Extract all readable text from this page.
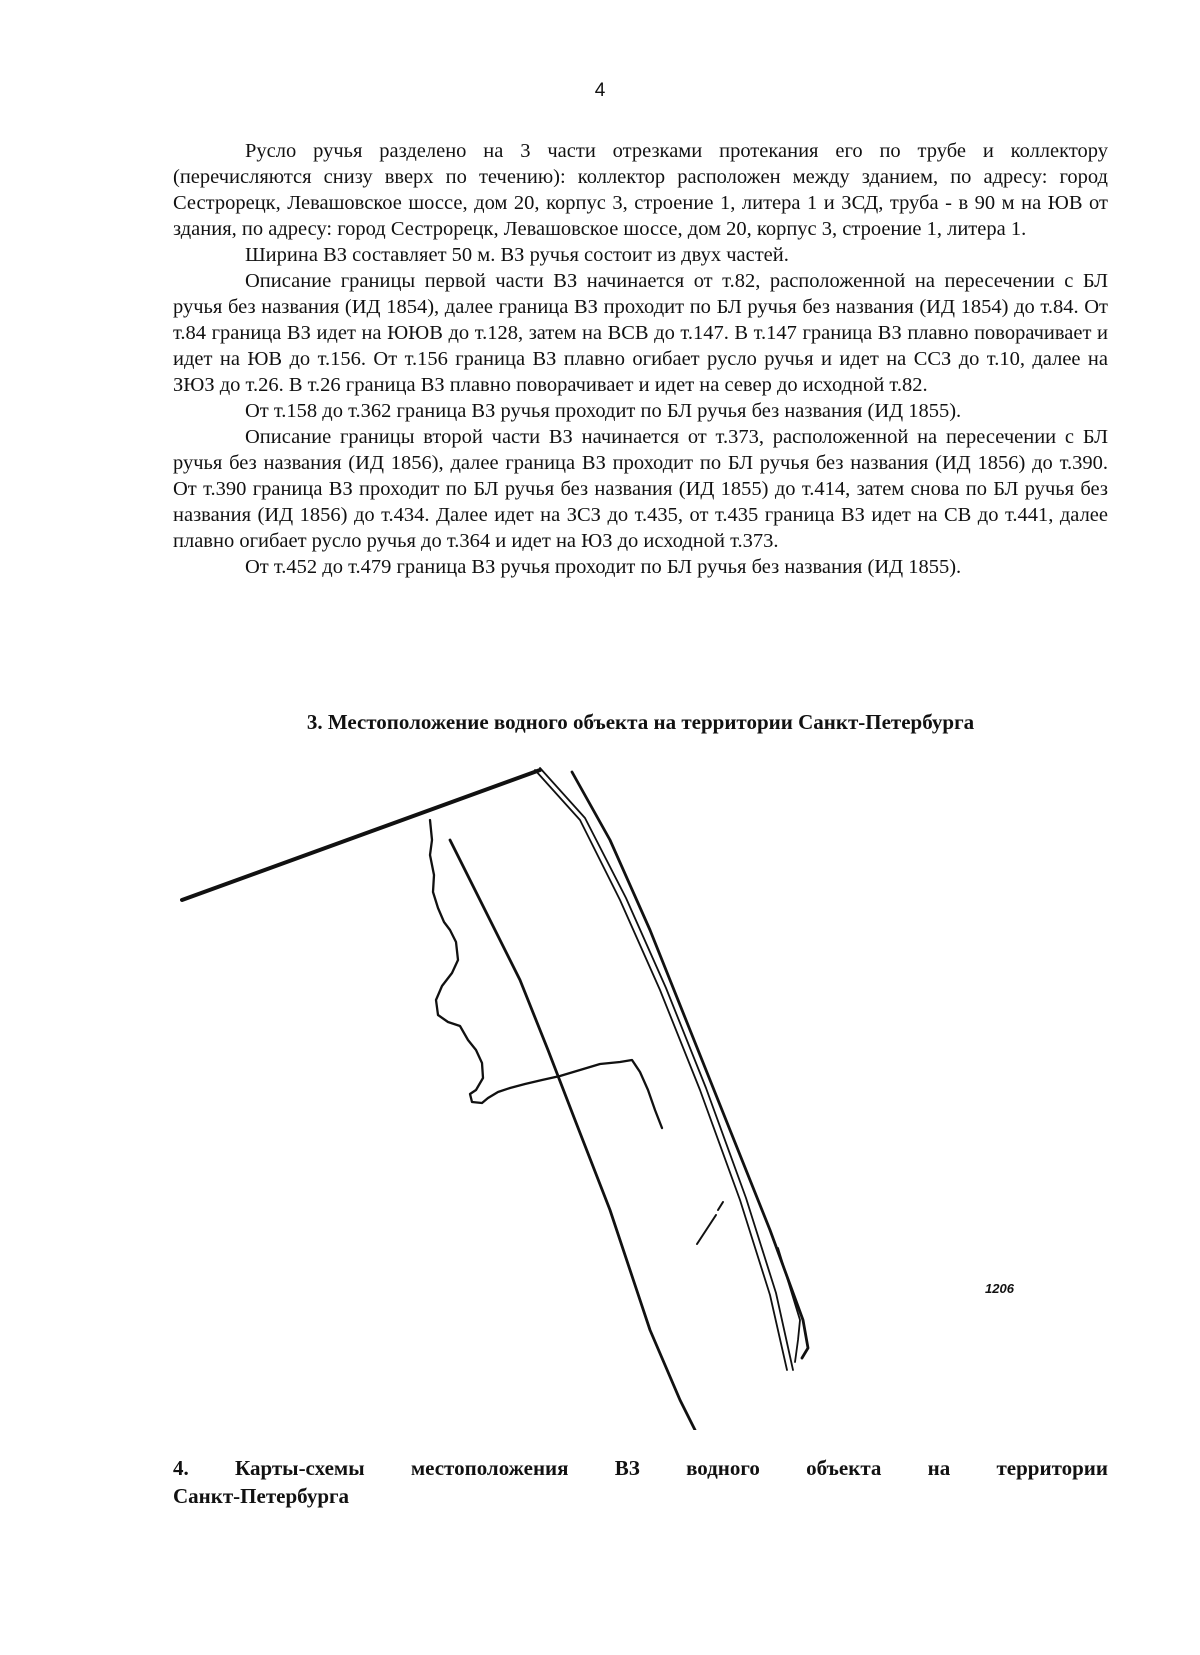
4

Русло ручья разделено на 3 части отрезками протекания его по трубе и коллектору (перечисляются снизу вверх по течению): коллектор расположен между зданием, по адресу: город Сестрорецк, Левашовское шоссе, дом 20, корпус 3, строение 1, литера 1 и ЗСД, труба - в 90 м на ЮВ от здания, по адресу: город Сестрорецк, Левашовское шоссе, дом 20, корпус 3, строение 1, литера 1.

Ширина ВЗ составляет 50 м. ВЗ ручья состоит из двух частей.

Описание границы первой части ВЗ начинается от т.82, расположенной на пересечении с БЛ ручья без названия (ИД 1854), далее граница ВЗ проходит по БЛ ручья без названия (ИД 1854) до т.84. От т.84 граница ВЗ идет на ЮЮВ до т.128, затем на ВСВ до т.147. В т.147 граница ВЗ плавно поворачивает и идет на ЮВ до т.156. От т.156 граница ВЗ плавно огибает русло ручья и идет на ССЗ до т.10, далее на ЗЮЗ до т.26. В т.26 граница ВЗ плавно поворачивает и идет на север до исходной т.82.

От т.158 до т.362 граница ВЗ ручья проходит по БЛ ручья без названия (ИД 1855).

Описание границы второй части ВЗ начинается от т.373, расположенной на пересечении с БЛ ручья без названия (ИД 1856), далее граница ВЗ проходит по БЛ ручья без названия (ИД 1856) до т.390. От т.390 граница ВЗ проходит по БЛ ручья без названия (ИД 1855) до т.414, затем снова по БЛ ручья без названия (ИД 1856) до т.434. Далее идет на ЗСЗ до т.435, от т.435 граница ВЗ идет на СВ до т.441, далее плавно огибает русло ручья до т.364 и идет на ЮЗ до исходной т.373.

От т.452 до т.479 граница ВЗ ручья проходит по БЛ ручья без названия (ИД 1855).

3. Местоположение водного объекта на территории Санкт-Петербурга
1206
4. Карты-схемы местоположения ВЗ водного объекта на территории
Санкт-Петербурга
